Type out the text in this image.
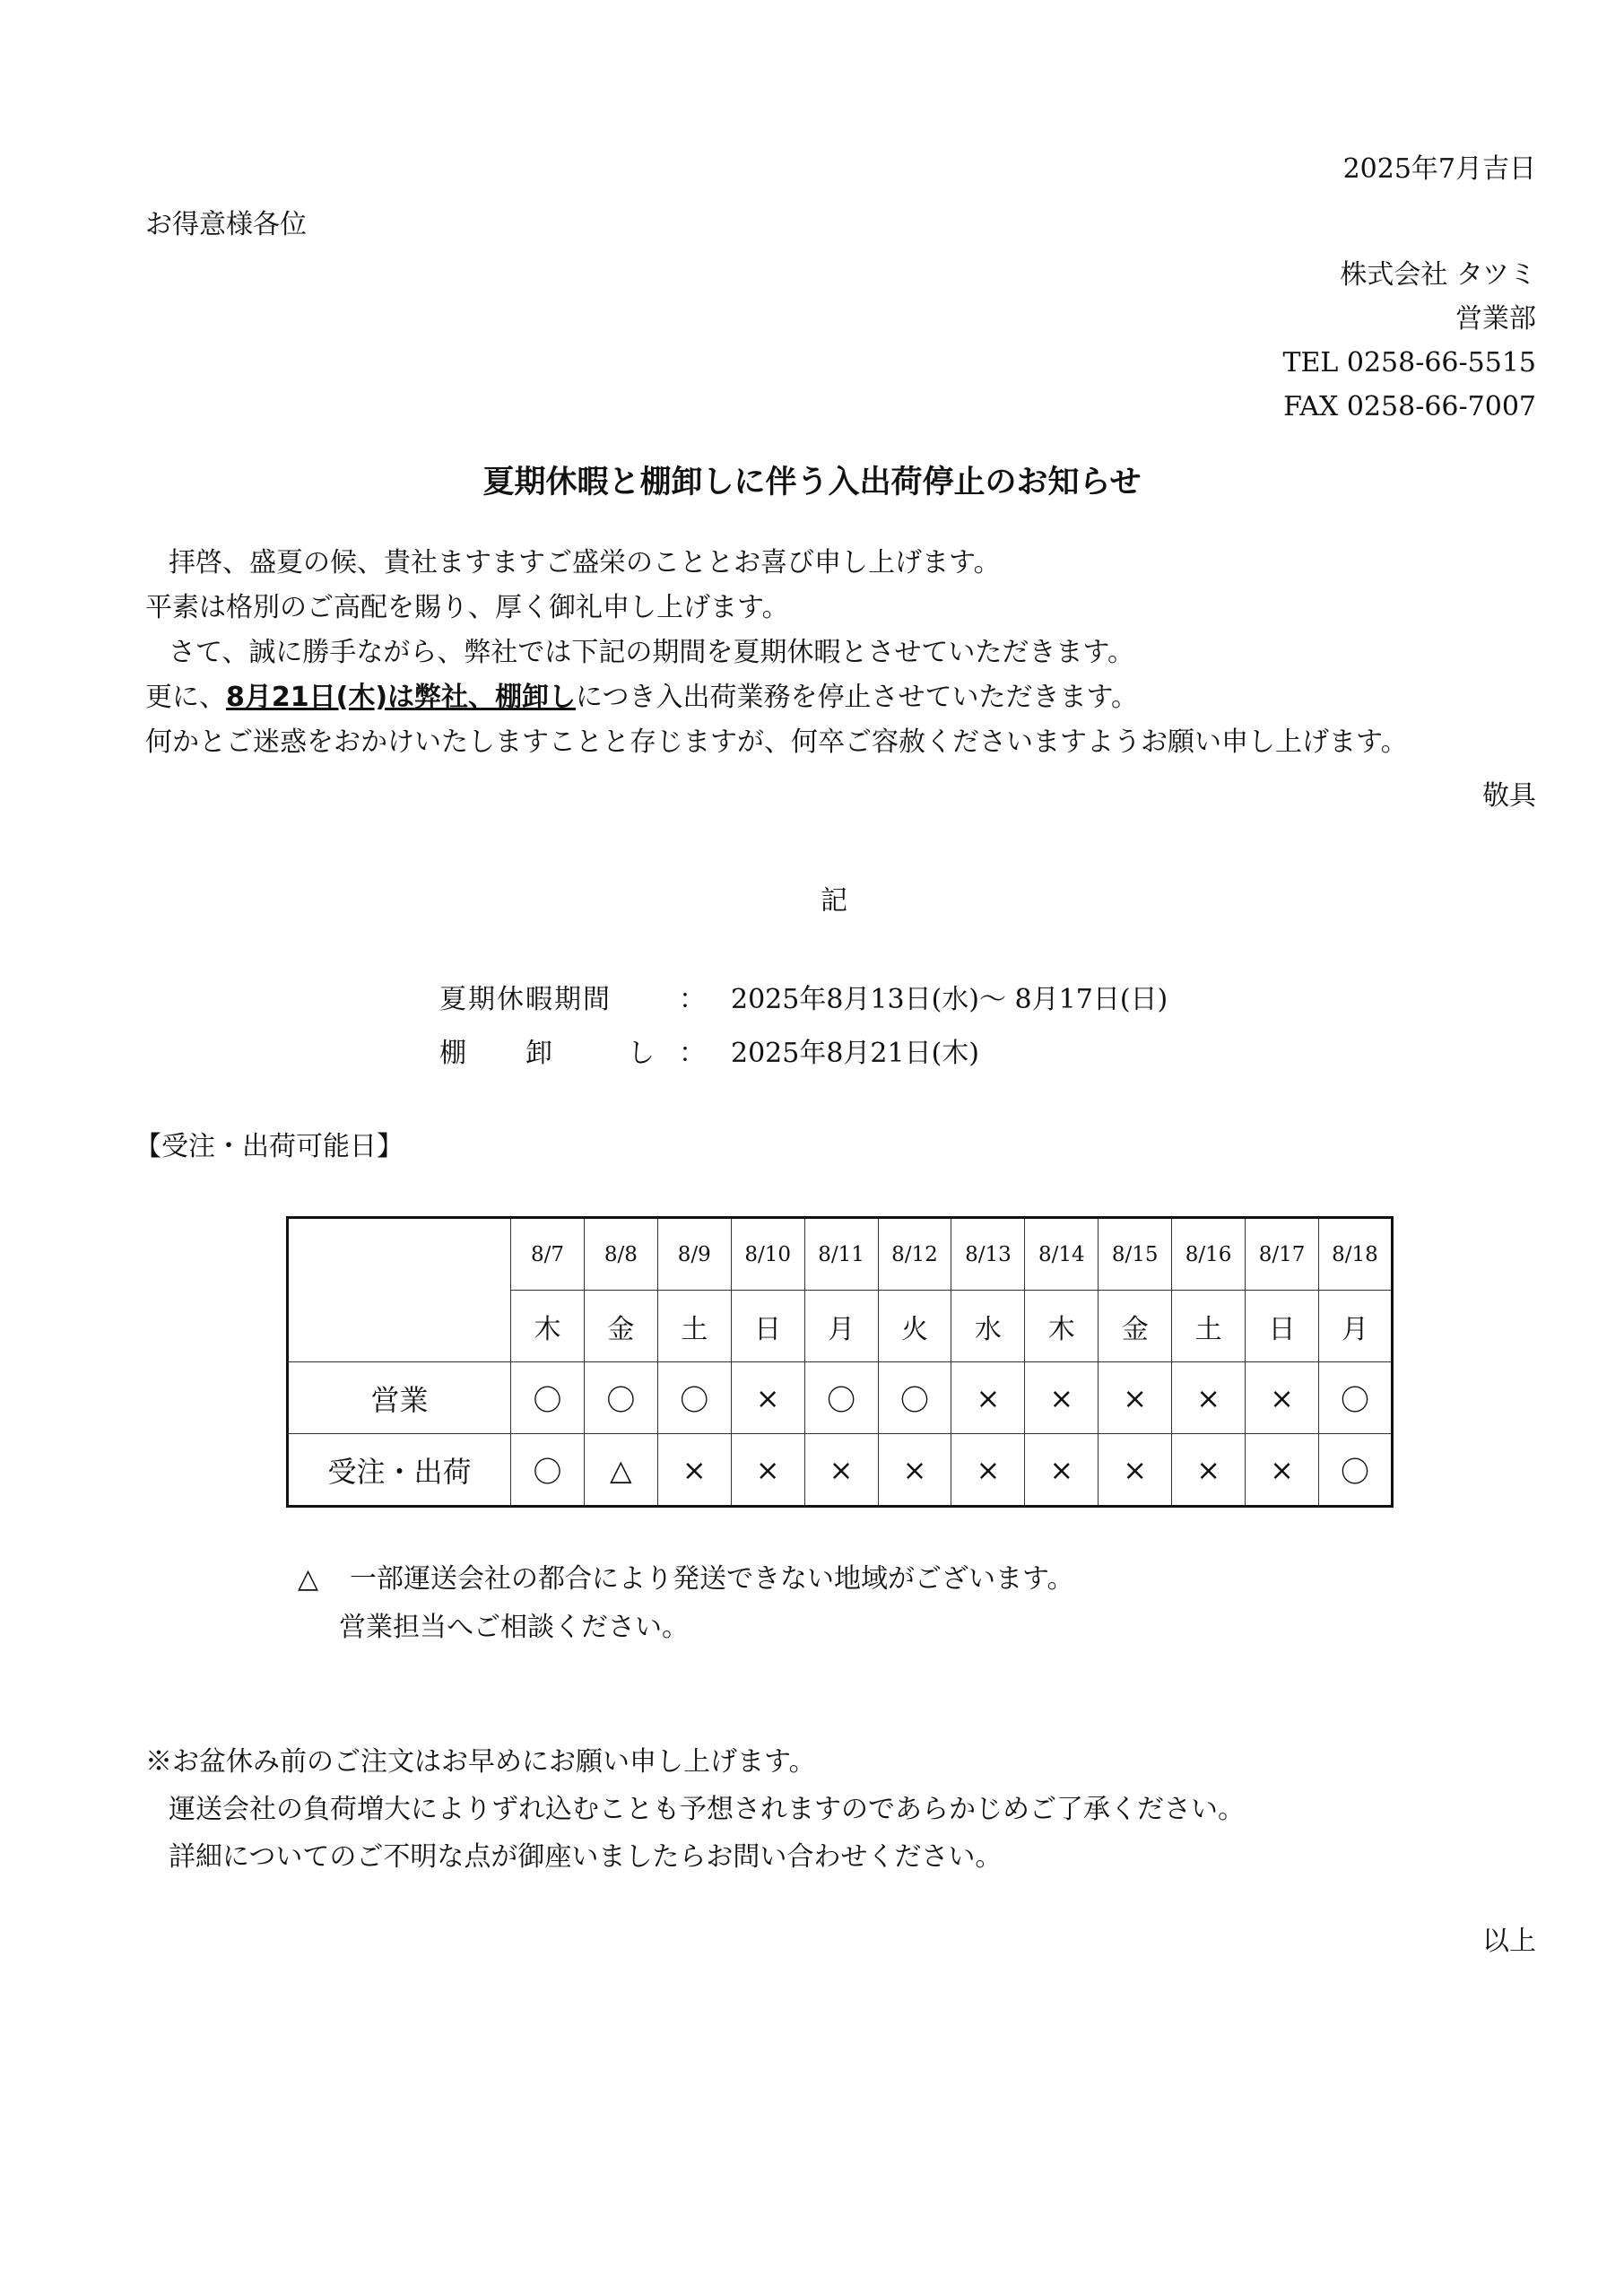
2025年7月吉日
お得意様各位
株式会社 タツミ
営業部
TEL 0258-66-5515
FAX 0258-66-7007
夏期休暇と棚卸しに伴う入出荷停止のお知らせ
拝啓、盛夏の候、貴社ますますご盛栄のこととお喜び申し上げます。
平素は格別のご高配を賜り、厚く御礼申し上げます。
さて、誠に勝手ながら、弊社では下記の期間を夏期休暇とさせていただきます。
更に、8月21日(木)は弊社、棚卸しにつき入出荷業務を停止させていただきます。
何かとご迷惑をおかけいたしますことと存じますが、何卒ご容赦くださいますようお願い申し上げます。
敬具
記
夏期休暇期間	： 2025年8月13日(水)～ 8月17日(日)
棚 卸	し ： 2025年8月21日(木)
【受注・出荷可能日】
	8/7	8/8	8/9	8/10	8/11	8/12	8/13	8/14	8/15	8/16	8/17	8/18
	木	金	土	日	月	火	水	木	金	土	日	月
営業	〇	〇	〇	×	〇	〇	×	×	×	×	×	〇
受注・出荷	〇	△	×	×	×	×	×	×	×	×	×	〇
△ 一部運送会社の都合により発送できない地域がございます。
営業担当へご相談ください。
※お盆休み前のご注文はお早めにお願い申し上げます。
運送会社の負荷増大によりずれ込むことも予想されますのであらかじめご了承ください。
詳細についてのご不明な点が御座いましたらお問い合わせください。
以上
